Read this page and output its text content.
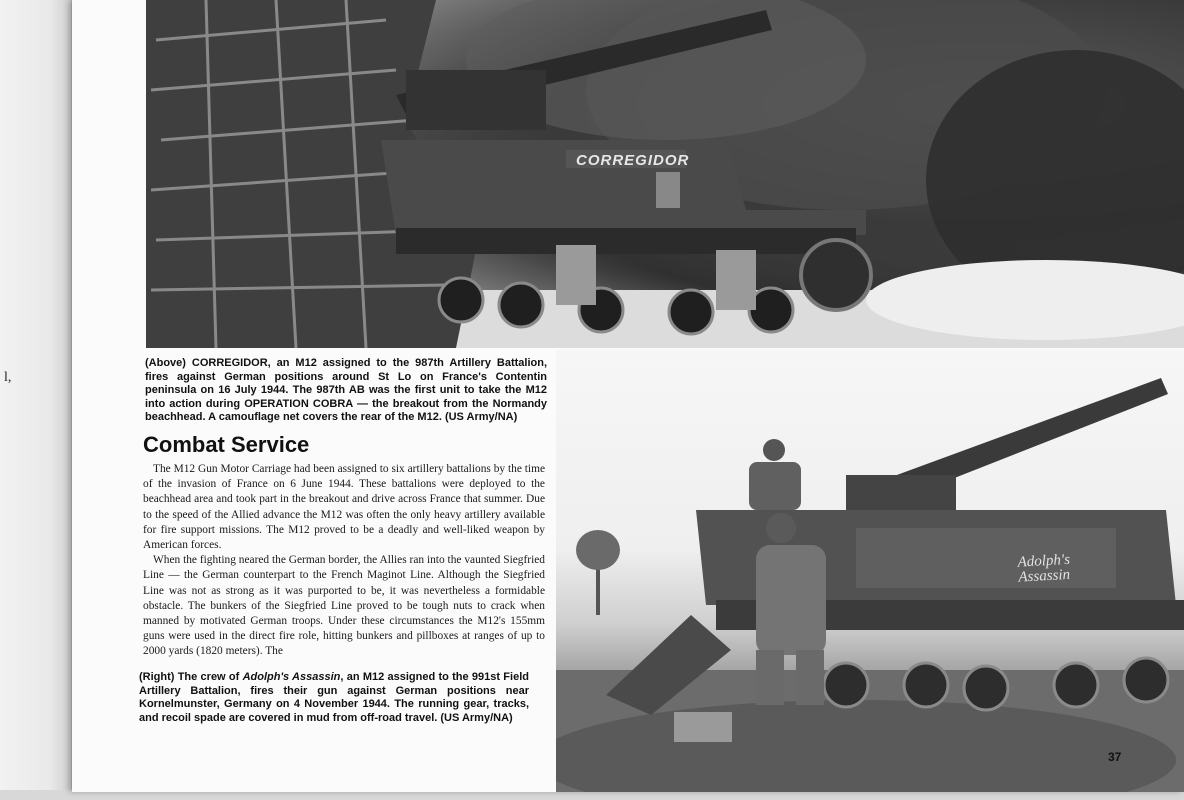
l,
CORREGIDOR
(Above) CORREGIDOR, an M12 assigned to the 987th Artillery Battalion, fires against German positions around St Lo on France's Contentin peninsula on 16 July 1944. The 987th AB was the first unit to take the M12 into action during OPERATION COBRA — the breakout from the Normandy beachhead. A camouflage net covers the rear of the M12. (US Army/NA)
Combat Service

The M12 Gun Motor Carriage had been assigned to six artillery battalions by the time of the invasion of France on 6 June 1944. These battalions were deployed to the beachhead area and took part in the breakout and drive across France that summer. Due to the speed of the Allied advance the M12 was often the only heavy artillery available for fire support missions. The M12 proved to be a deadly and well-liked weapon by American forces.

When the fighting neared the German border, the Allies ran into the vaunted Siegfried Line — the German counterpart to the French Maginot Line. Although the Siegfried Line was not as strong as it was purported to be, it was nevertheless a formidable obstacle. The bunkers of the Siegfried Line proved to be tough nuts to crack when manned by motivated German troops. Under these circumstances the M12's 155mm guns were used in the direct fire role, hitting bunkers and pillboxes at ranges of up to 2000 yards (1820 meters). The

Adolph's Assassin
(Right) The crew of Adolph's Assassin, an M12 assigned to the 991st Field Artillery Battalion, fires their gun against German positions near Kornelmunster, Germany on 4 November 1944. The running gear, tracks, and recoil spade are covered in mud from off-road travel. (US Army/NA)
37
